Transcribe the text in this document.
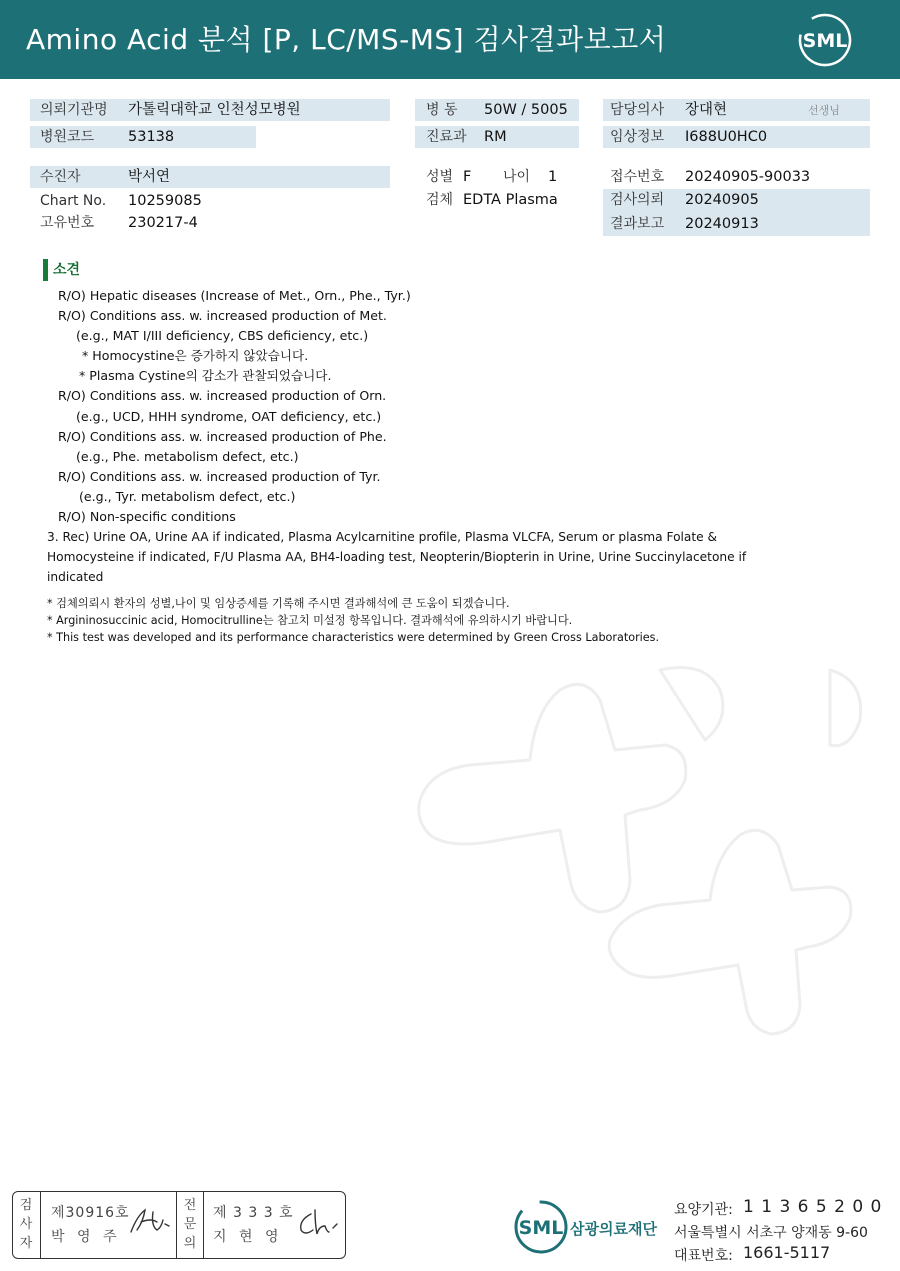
Amino Acid 분석 [P, LC/MS-MS] 검사결과보고서	SML
의뢰기관명 가톨릭대학교 인천성모병원
병원코드 53138
병 동 50W / 5005
진료과 RM
담당의사 장대현	선생님
임상정보 I688U0HC0
수진자	박서연
Chart No. 10259085
고유번호 230217-4
성별 F 나이 1
검체 EDTA Plasma
접수번호 20240905-90033
검사의뢰 20240905
결과보고 20240913
소견
R/O) Hepatic diseases (Increase of Met., Orn., Phe., Tyr.)
R/O) Conditions ass. w. increased production of Met.
(e.g., MAT I/III deficiency, CBS deficiency, etc.)
* Homocystine은 증가하지 않았습니다.
* Plasma Cystine의 감소가 관찰되었습니다.
R/O) Conditions ass. w. increased production of Orn.
(e.g., UCD, HHH syndrome, OAT deficiency, etc.)
R/O) Conditions ass. w. increased production of Phe.
(e.g., Phe. metabolism defect, etc.)
R/O) Conditions ass. w. increased production of Tyr.
(e.g., Tyr. metabolism defect, etc.)
R/O) Non-specific conditions
3. Rec) Urine OA, Urine AA if indicated, Plasma Acylcarnitine profile, Plasma VLCFA, Serum or plasma Folate &
Homocysteine if indicated, F/U Plasma AA, BH4-loading test, Neopterin/Biopterin in Urine, Urine Succinylacetone if
indicated
* 검체의뢰시 환자의 성별,나이 및 임상증세를 기록해 주시면 결과해석에 큰 도움이 되겠습니다.
* Argininosuccinic acid, Homocitrulline는 참고치 미설정 항목입니다. 결과해석에 유의하시기 바랍니다.
* This test was developed and its performance characteristics were determined by Green Cross Laboratories.
검
사
자
제30916호
박 영 주
전
문
의
제 3 3 3 호
지 현 영	SML 삼광의료재단
요양기관: 1 1 3 6 5 2 0 0
서울특별시 서초구 양재동 9-60
대표번호: 1661-5117
